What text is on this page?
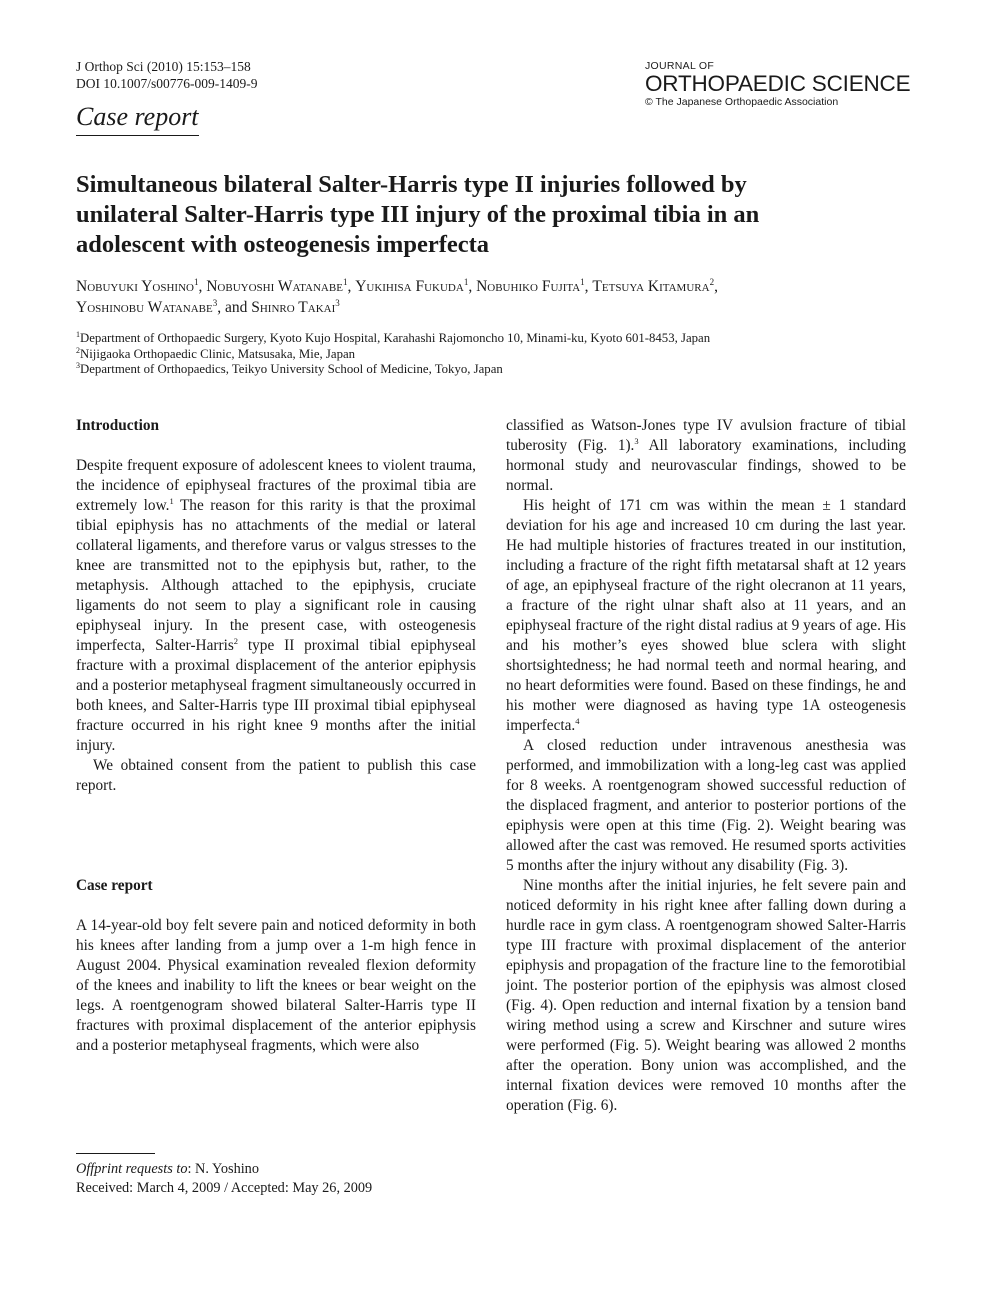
J Orthop Sci (2010) 15:153–158
DOI 10.1007/s00776-009-1409-9
Case report
JOURNAL OF
ORTHOPAEDIC SCIENCE
© The Japanese Orthopaedic Association
Simultaneous bilateral Salter-Harris type II injuries followed by
unilateral Salter-Harris type III injury of the proximal tibia in an
adolescent with osteogenesis imperfecta
Nobuyuki Yoshino$^1$, Nobuyoshi Watanabe$^1$, Yukihisa Fukuda$^1$, Nobuhiko Fujita$^1$, Tetsuya Kitamura$^2$,
Yoshinobu Watanabe$^3$, and Shinro Takai$^3$
$^1$Department of Orthopaedic Surgery, Kyoto Kujo Hospital, Karahashi Rajomoncho 10, Minami-ku, Kyoto 601-8453, Japan
$^2$Nijigaoka Orthopaedic Clinic, Matsusaka, Mie, Japan
$^3$Department of Orthopaedics, Teikyo University School of Medicine, Tokyo, Japan
Introduction

Despite frequent exposure of adolescent knees to violent trauma, the incidence of epiphyseal fractures of the proximal tibia are extremely low.$^1$ The reason for this rarity is that the proximal tibial epiphysis has no attachments of the medial or lateral collateral ligaments, and therefore varus or valgus stresses to the knee are transmitted not to the epiphysis but, rather, to the metaphysis. Although attached to the epiphysis, cruciate ligaments do not seem to play a significant role in causing epiphyseal injury. In the present case, with osteogenesis imperfecta, Salter-Harris$^2$ type II proximal tibial epiphyseal fracture with a proximal displacement of the anterior epiphysis and a posterior metaphyseal fragment simultaneously occurred in both knees, and Salter-Harris type III proximal tibial epiphyseal fracture occurred in his right knee 9 months after the initial injury.

We obtained consent from the patient to publish this case report.

Case report

A 14-year-old boy felt severe pain and noticed deformity in both his knees after landing from a jump over a 1-m high fence in August 2004. Physical examination revealed flexion deformity of the knees and inability to lift the knees or bear weight on the legs. A roentgenogram showed bilateral Salter-Harris type II fractures with proximal displacement of the anterior epiphysis and a posterior metaphyseal fragments, which were also

classified as Watson-Jones type IV avulsion fracture of tibial tuberosity (Fig. 1).$^3$ All laboratory examinations, including hormonal study and neurovascular findings, showed to be normal.

His height of 171 cm was within the mean ± 1 standard deviation for his age and increased 10 cm during the last year. He had multiple histories of fractures treated in our institution, including a fracture of the right fifth metatarsal shaft at 12 years of age, an epiphyseal fracture of the right olecranon at 11 years, a fracture of the right ulnar shaft also at 11 years, and an epiphyseal fracture of the right distal radius at 9 years of age. His and his mother’s eyes showed blue sclera with slight shortsightedness; he had normal teeth and normal hearing, and no heart deformities were found. Based on these findings, he and his mother were diagnosed as having type 1A osteogenesis imperfecta.$^4$

A closed reduction under intravenous anesthesia was performed, and immobilization with a long-leg cast was applied for 8 weeks. A roentgenogram showed successful reduction of the displaced fragment, and anterior to posterior portions of the epiphysis were open at this time (Fig. 2). Weight bearing was allowed after the cast was removed. He resumed sports activities 5 months after the injury without any disability (Fig. 3).

Nine months after the initial injuries, he felt severe pain and noticed deformity in his right knee after falling down during a hurdle race in gym class. A roentgenogram showed Salter-Harris type III fracture with proximal displacement of the anterior epiphysis and propagation of the fracture line to the femorotibial joint. The posterior portion of the epiphysis was almost closed (Fig. 4). Open reduction and internal fixation by a tension band wiring method using a screw and Kirschner and suture wires were performed (Fig. 5). Weight bearing was allowed 2 months after the operation. Bony union was accomplished, and the internal fixation devices were removed 10 months after the operation (Fig. 6).

Offprint requests to: N. Yoshino
Received: March 4, 2009 / Accepted: May 26, 2009
